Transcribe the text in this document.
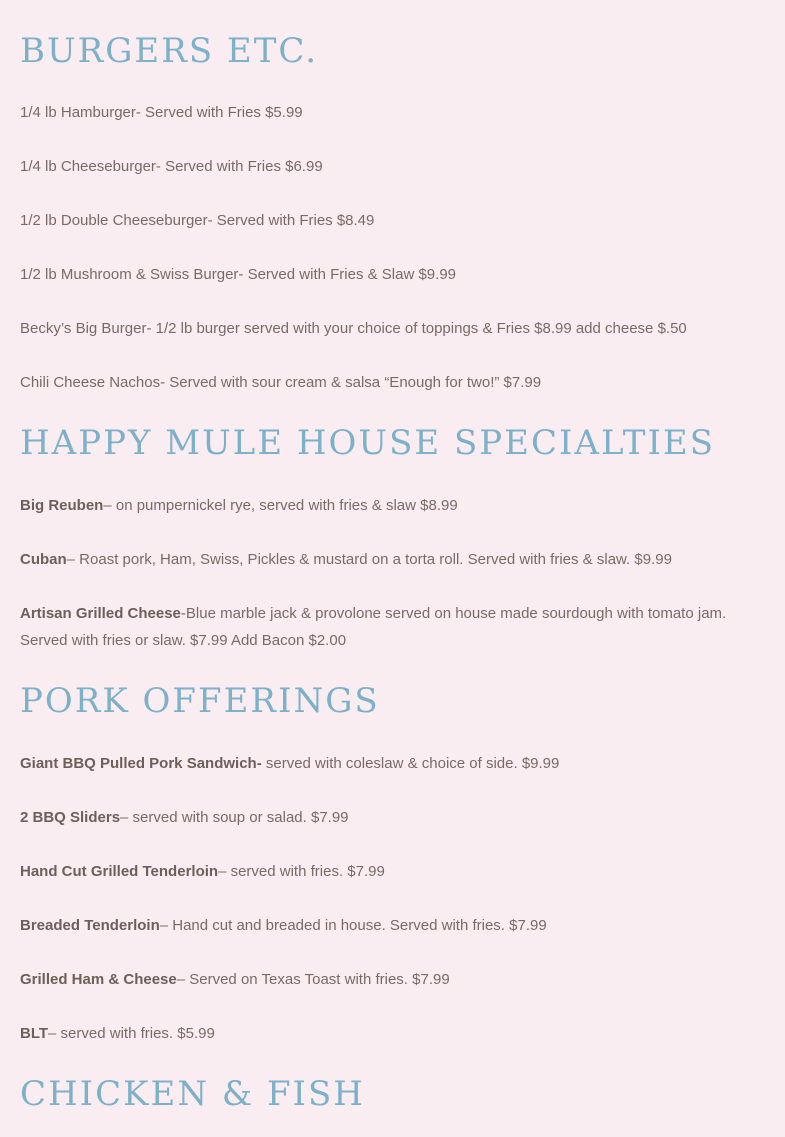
BURGERS ETC.

1/4 lb Hamburger- Served with Fries $5.99

1/4 lb Cheeseburger- Served with Fries $6.99

1/2 lb Double Cheeseburger- Served with Fries $8.49

1/2 lb Mushroom & Swiss Burger- Served with Fries & Slaw $9.99

Becky’s Big Burger- 1/2 lb burger served with your choice of toppings & Fries $8.99 add cheese $.50

Chili Cheese Nachos- Served with sour cream & salsa “Enough for two!” $7.99

HAPPY MULE HOUSE SPECIALTIES

Big Reuben– on pumpernickel rye, served with fries & slaw $8.99

Cuban– Roast pork, Ham, Swiss, Pickles & mustard on a torta roll. Served with fries & slaw. $9.99

Artisan Grilled Cheese-Blue marble jack & provolone served on house made sourdough with tomato jam. Served with fries or slaw. $7.99 Add Bacon $2.00

PORK OFFERINGS

Giant BBQ Pulled Pork Sandwich- served with coleslaw & choice of side. $9.99

2 BBQ Sliders– served with soup or salad. $7.99

Hand Cut Grilled Tenderloin– served with fries. $7.99

Breaded Tenderloin– Hand cut and breaded in house. Served with fries. $7.99

Grilled Ham & Cheese– Served on Texas Toast with fries. $7.99

BLT– served with fries. $5.99

CHICKEN & FISH
